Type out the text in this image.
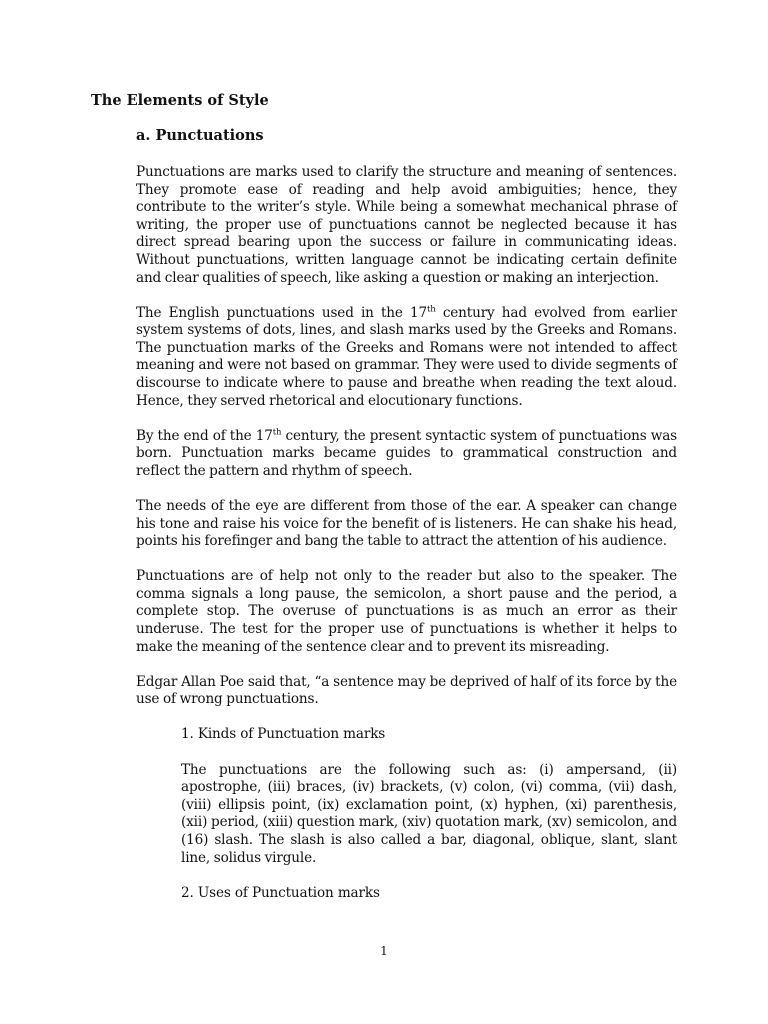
The Elements of Style
a. Punctuations

Punctuations are marks used to clarify the structure and meaning of sentences. They promote ease of reading and help avoid ambiguities; hence, they contribute to the writer’s style. While being a somewhat mechanical phrase of writing, the proper use of punctuations cannot be neglected because it has direct spread bearing upon the success or failure in communicating ideas. Without punctuations, written language cannot be indicating certain definite and clear qualities of speech, like asking a question or making an interjection.

The English punctuations used in the 17th century had evolved from earlier system systems of dots, lines, and slash marks used by the Greeks and Romans. The punctuation marks of the Greeks and Romans were not intended to affect meaning and were not based on grammar. They were used to divide segments of discourse to indicate where to pause and breathe when reading the text aloud. Hence, they served rhetorical and elocutionary functions.

By the end of the 17th century, the present syntactic system of punctuations was born. Punctuation marks became guides to grammatical construction and reflect the pattern and rhythm of speech.

The needs of the eye are different from those of the ear. A speaker can change his tone and raise his voice for the benefit of is listeners. He can shake his head, points his forefinger and bang the table to attract the attention of his audience.

Punctuations are of help not only to the reader but also to the speaker. The comma signals a long pause, the semicolon, a short pause and the period, a complete stop. The overuse of punctuations is as much an error as their underuse. The test for the proper use of punctuations is whether it helps to make the meaning of the sentence clear and to prevent its misreading.

Edgar Allan Poe said that, “a sentence may be deprived of half of its force by the use of wrong punctuations.

1. Kinds of Punctuation marks

The punctuations are the following such as: (i) ampersand, (ii) apostrophe, (iii) braces, (iv) brackets, (v) colon, (vi) comma, (vii) dash, (viii) ellipsis point, (ix) exclamation point, (x) hyphen, (xi) parenthesis, (xii) period, (xiii) question mark, (xiv) quotation mark, (xv) semicolon, and (16) slash. The slash is also called a bar, diagonal, oblique, slant, slant line, solidus virgule.

2. Uses of Punctuation marks
1
